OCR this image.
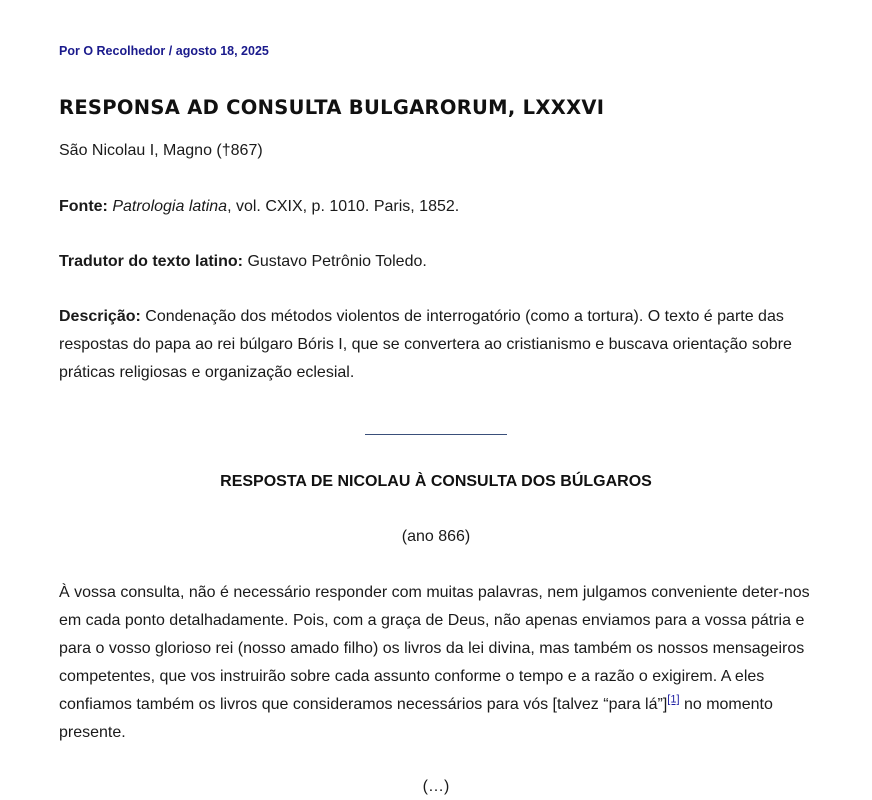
Por O Recolhedor / agosto 18, 2025
RESPONSA AD CONSULTA BULGARORUM, LXXXVI

São Nicolau I, Magno (†867)

Fonte: Patrologia latina, vol. CXIX, p. 1010. Paris, 1852.

Tradutor do texto latino: Gustavo Petrônio Toledo.

Descrição: Condenação dos métodos violentos de interrogatório (como a tortura). O texto é parte das respostas do papa ao rei búlgaro Bóris I, que se convertera ao cristianismo e buscava orientação sobre práticas religiosas e organização eclesial.

RESPOSTA DE NICOLAU À CONSULTA DOS BÚLGAROS

(ano 866)

À vossa consulta, não é necessário responder com muitas palavras, nem julgamos conveniente deter-nos em cada ponto detalhadamente. Pois, com a graça de Deus, não apenas enviamos para a vossa pátria e para o vosso glorioso rei (nosso amado filho) os livros da lei divina, mas também os nossos mensageiros competentes, que vos instruirão sobre cada assunto conforme o tempo e a razão o exigirem. A eles confiamos também os livros que consideramos necessários para vós [talvez “para lá”][1] no momento presente.

(…)
